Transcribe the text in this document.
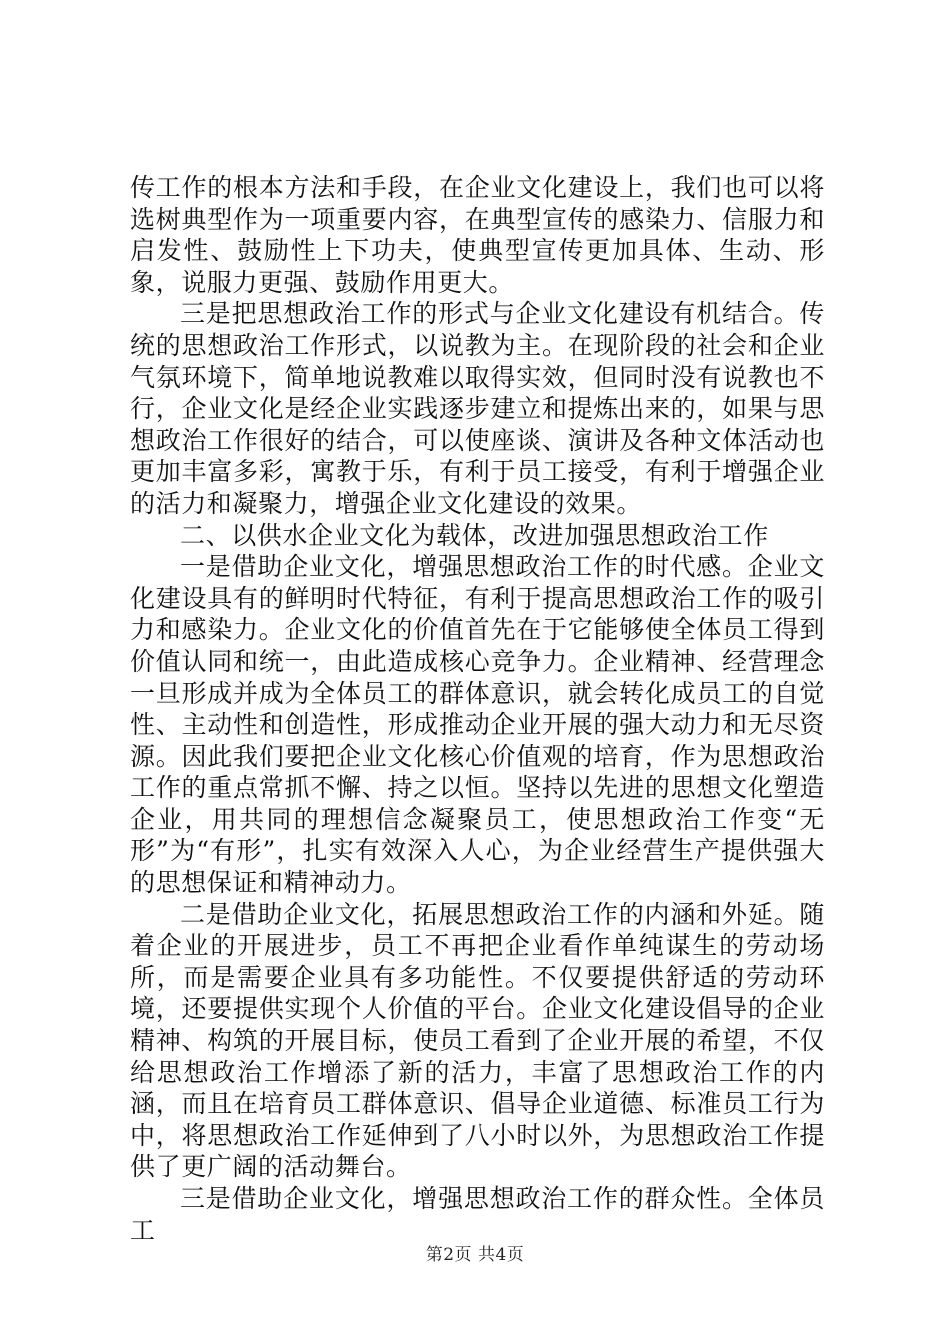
传工作的根本方法和手段，在企业文化建设上，我们也可以将选树典型作为一项重要内容，在典型宣传的感染力、信服力和启发性、鼓励性上下功夫，使典型宣传更加具体、生动、形象，说服力更强、鼓励作用更大。

三是把思想政治工作的形式与企业文化建设有机结合。传统的思想政治工作形式，以说教为主。在现阶段的社会和企业气氛环境下，简单地说教难以取得实效，但同时没有说教也不行，企业文化是经企业实践逐步建立和提炼出来的，如果与思想政治工作很好的结合，可以使座谈、演讲及各种文体活动也更加丰富多彩，寓教于乐，有利于员工接受，有利于增强企业的活力和凝聚力，增强企业文化建设的效果。

二、以供水企业文化为载体，改进加强思想政治工作

一是借助企业文化，增强思想政治工作的时代感。企业文化建设具有的鲜明时代特征，有利于提高思想政治工作的吸引力和感染力。企业文化的价值首先在于它能够使全体员工得到价值认同和统一，由此造成核心竞争力。企业精神、经营理念一旦形成并成为全体员工的群体意识，就会转化成员工的自觉性、主动性和创造性，形成推动企业开展的强大动力和无尽资源。因此我们要把企业文化核心价值观的培育，作为思想政治工作的重点常抓不懈、持之以恒。坚持以先进的思想文化塑造企业，用共同的理想信念凝聚员工，使思想政治工作变“无形”为“有形”，扎实有效深入人心，为企业经营生产提供强大的思想保证和精神动力。

二是借助企业文化，拓展思想政治工作的内涵和外延。随着企业的开展进步，员工不再把企业看作单纯谋生的劳动场所，而是需要企业具有多功能性。不仅要提供舒适的劳动环境，还要提供实现个人价值的平台。企业文化建设倡导的企业精神、构筑的开展目标，使员工看到了企业开展的希望，不仅给思想政治工作增添了新的活力，丰富了思想政治工作的内涵，而且在培育员工群体意识、倡导企业道德、标准员工行为中，将思想政治工作延伸到了八小时以外，为思想政治工作提供了更广阔的活动舞台。

三是借助企业文化，增强思想政治工作的群众性。全体员工

第2页 共4页
